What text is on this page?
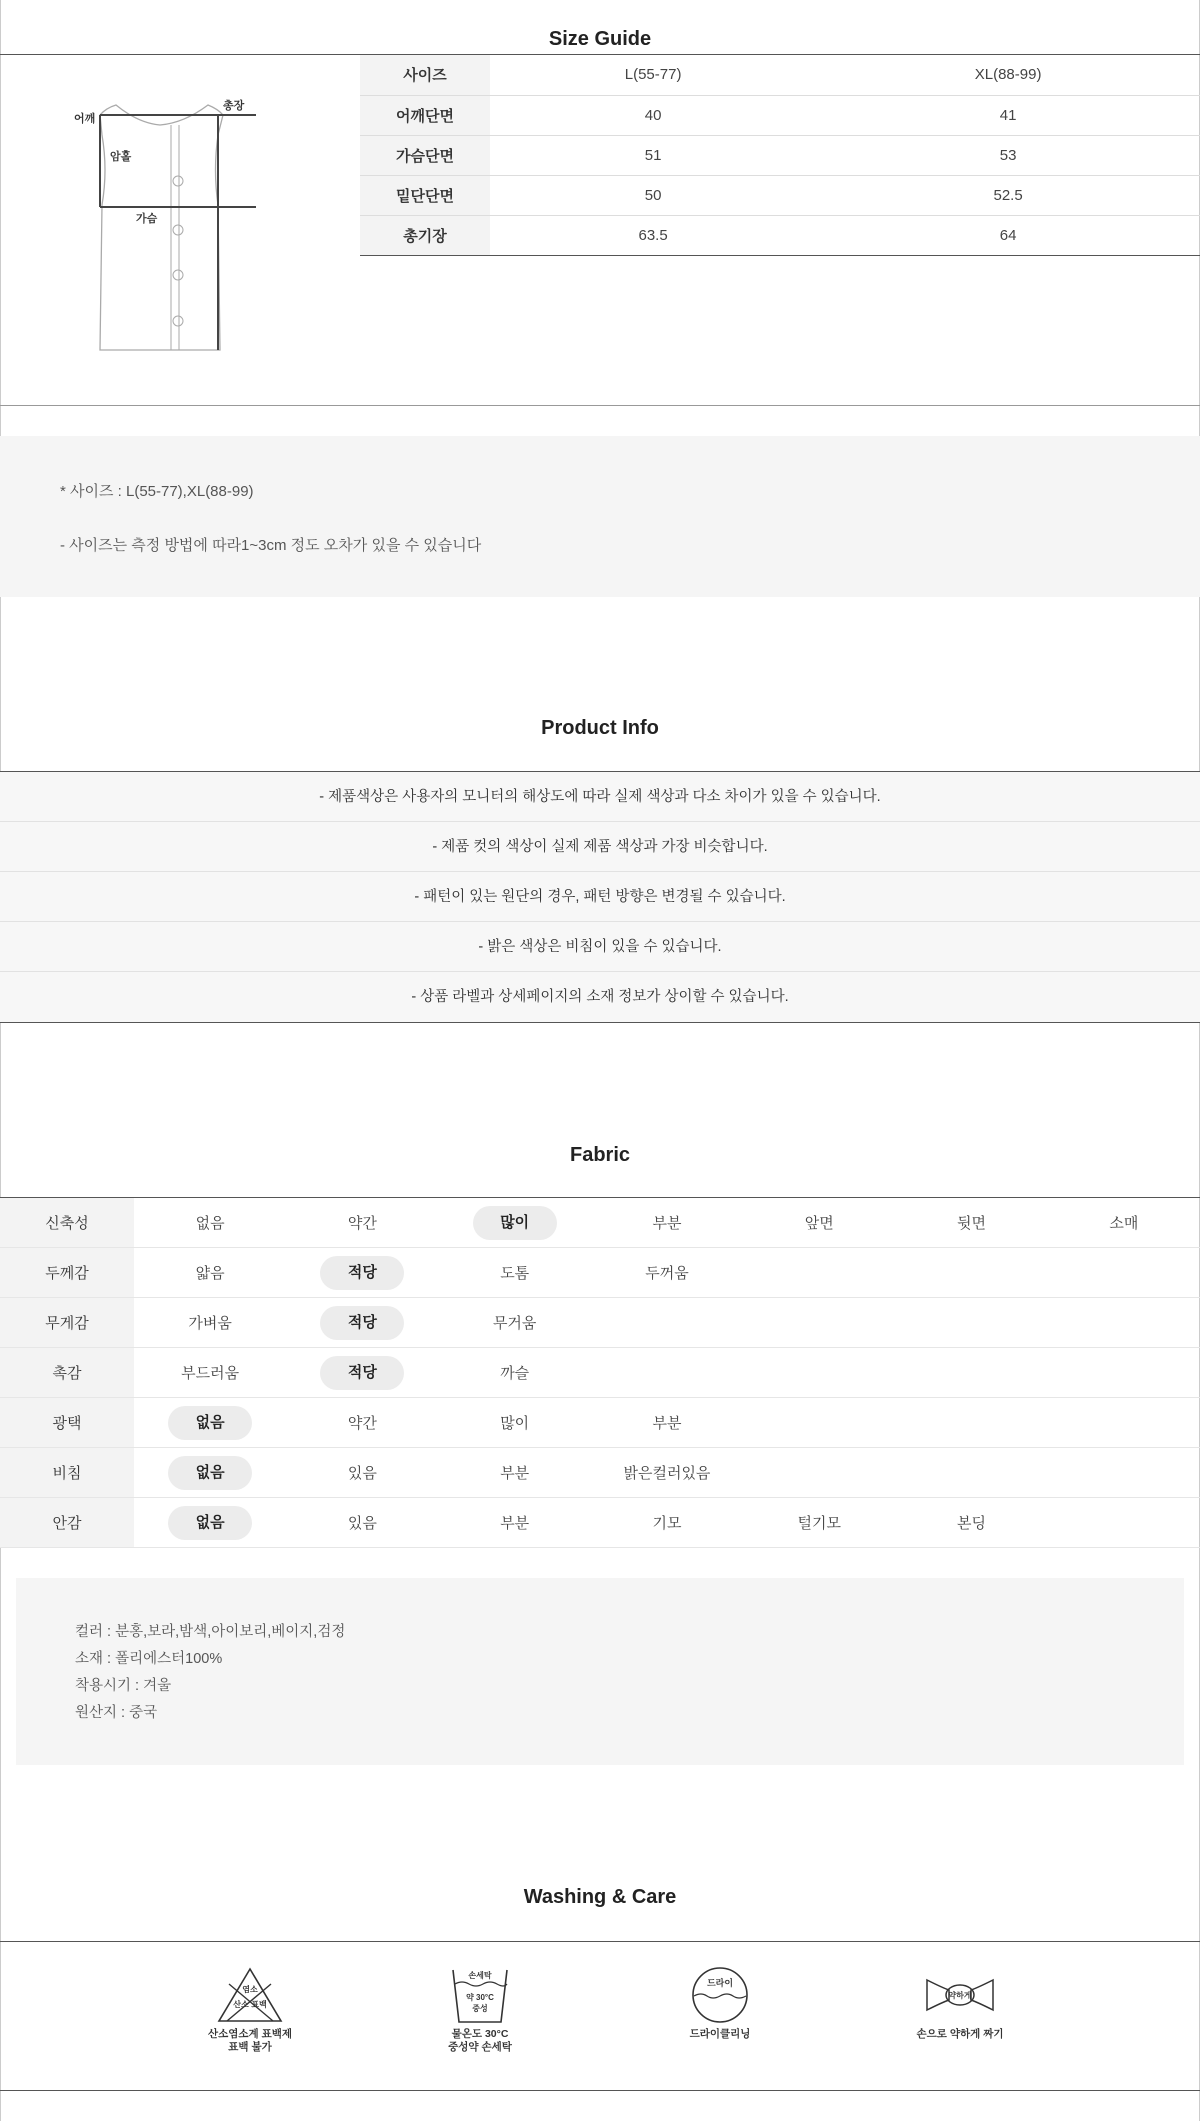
Size Guide
어깨
암홀
가슴
총장
사이즈	L(55-77)	XL(88-99)
어깨단면	40	41
가슴단면	51	53
밑단단면	50	52.5
총기장	63.5	64
* 사이즈 : L(55-77),XL(88-99)
- 사이즈는 측정 방법에 따라1~3cm 정도 오차가 있을 수 있습니다
Product Info
- 제품색상은 사용자의 모니터의 해상도에 따라 실제 색상과 다소 차이가 있을 수 있습니다.
- 제품 컷의 색상이 실제 제품 색상과 가장 비슷합니다.
- 패턴이 있는 원단의 경우, 패턴 방향은 변경될 수 있습니다.
- 밝은 색상은 비침이 있을 수 있습니다.
- 상품 라벨과 상세페이지의 소재 정보가 상이할 수 있습니다.
Fabric
신축성	없음	약간	많이	부분	앞면	뒷면	소매
두께감	얇음	적당	도톰	두꺼움			
무게감	가벼움	적당	무거움				
촉감	부드러움	적당	까슬				
광택	없음	약간	많이	부분			
비침	없음	있음	부분	밝은컬러있음			
안감	없음	있음	부분	기모	털기모	본딩	
컬러 : 분홍,보라,밤색,아이보리,베이지,검정
소재 : 폴리에스터100%
착용시기 : 겨울
원산지 : 중국
Washing & Care
염소
산소 표백
산소염소계 표백제
표백 불가
손세탁
약 30°C
중성
물온도 30°C
중성약 손세탁
드라이
드라이클리닝
약하게
손으로 약하게 짜기
